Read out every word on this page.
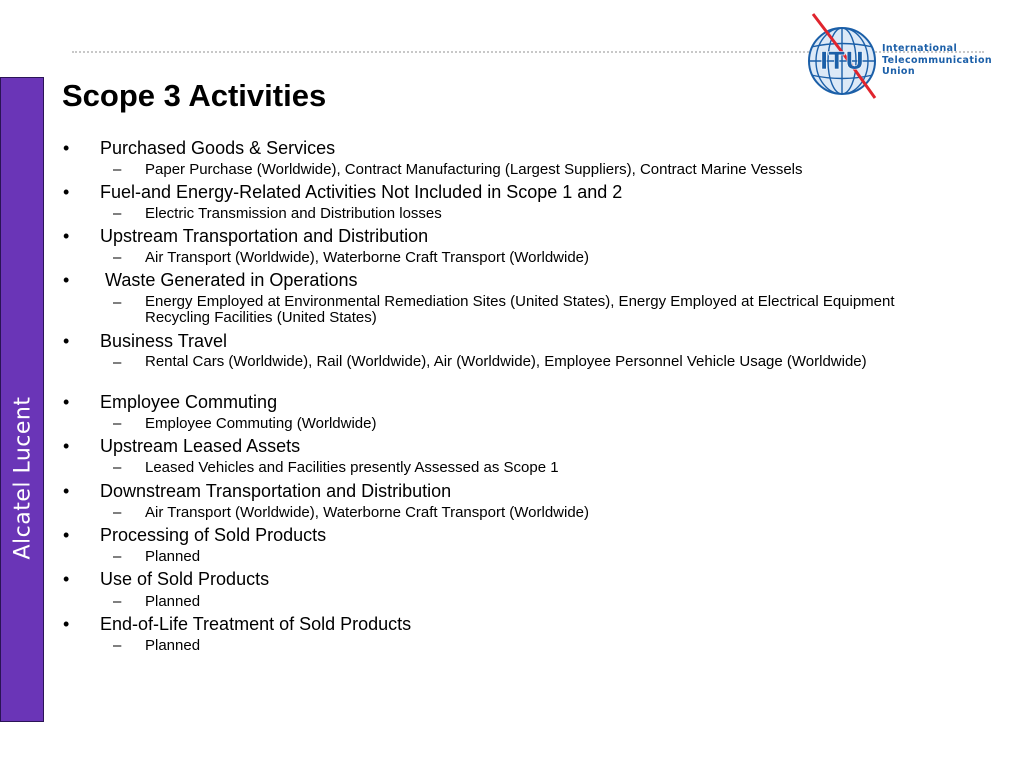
Alcatel Lucent
ITU International
Telecommunication
Union
Scope 3 Activities
• Purchased Goods & Services
– Paper Purchase (Worldwide), Contract Manufacturing (Largest Suppliers), Contract Marine Vessels
• Fuel-and Energy-Related Activities Not Included in Scope 1 and 2
– Electric Transmission and Distribution losses
• Upstream Transportation and Distribution
– Air Transport (Worldwide), Waterborne Craft Transport (Worldwide)
• Waste Generated in Operations
– Energy Employed at Environmental Remediation Sites (United States), Energy Employed at Electrical Equipment Recycling Facilities (United States)
• Business Travel
– Rental Cars (Worldwide), Rail (Worldwide), Air (Worldwide), Employee Personnel Vehicle Usage (Worldwide)
• Employee Commuting
– Employee Commuting (Worldwide)
• Upstream Leased Assets
– Leased Vehicles and Facilities presently Assessed as Scope 1
• Downstream Transportation and Distribution
– Air Transport (Worldwide), Waterborne Craft Transport (Worldwide)
• Processing of Sold Products
– Planned
• Use of Sold Products
– Planned
• End-of-Life Treatment of Sold Products
– Planned
